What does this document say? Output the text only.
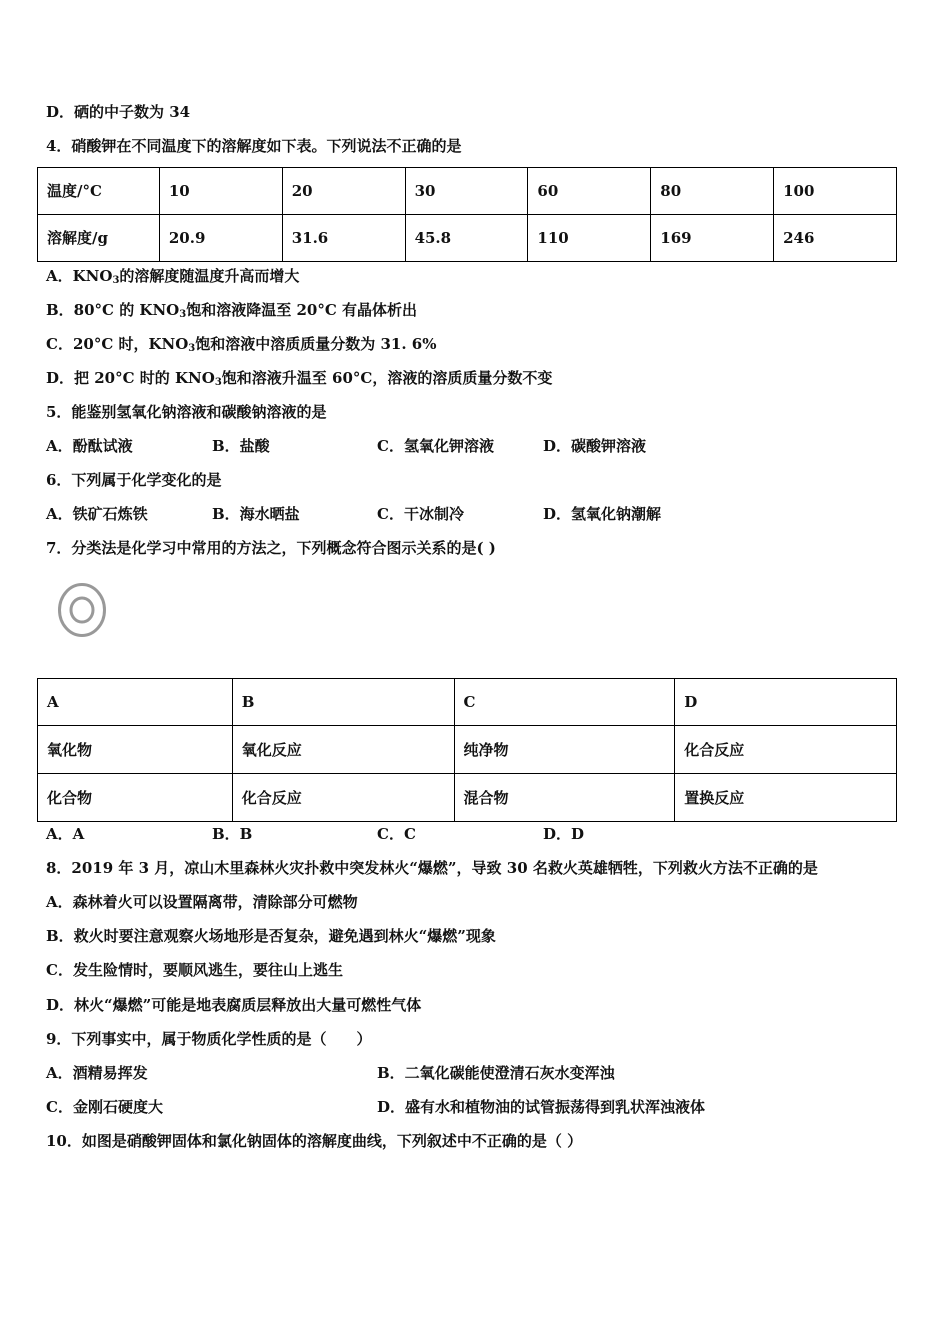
D．硒的中子数为 34
4．硝酸钾在不同温度下的溶解度如下表。下列说法不正确的是
温度/°C	10	20	30	60	80	100
溶解度/g	20.9	31.6	45.8	110	169	246
A．$KNO_3$的溶解度随温度升高而增大
B．80°C 的 $KNO_3$饱和溶液降温至 20°C 有晶体析出
C．20°C 时，$KNO_3$饱和溶液中溶质质量分数为 31. 6%
D．把 20°C 时的 $KNO_3$饱和溶液升温至 60°C，溶液的溶质质量分数不变
5．能鉴别氢氧化钠溶液和碳酸钠溶液的是
A．酚酞试液	B．盐酸	C．氢氧化钾溶液	D．碳酸钾溶液
6．下列属于化学变化的是
A．铁矿石炼铁	B．海水晒盐	C．干冰制冷	D．氢氧化钠潮解
7．分类法是化学习中常用的方法之，下列概念符合图示关系的是( )
A	B	C	D
氧化物	氧化反应	纯净物	化合反应
化合物	化合反应	混合物	置换反应
A．A	B．B	C．C	D．D
8．2019 年 3 月，凉山木里森林火灾扑救中突发林火“爆燃”，导致 30 名救火英雄牺牲，下列救火方法不正确的是
A．森林着火可以设置隔离带，清除部分可燃物
B．救火时要注意观察火场地形是否复杂，避免遇到林火“爆燃”现象
C．发生险情时，要顺风逃生，要往山上逃生
D．林火“爆燃”可能是地表腐质层释放出大量可燃性气体
9．下列事实中，属于物质化学性质的是（　　）
A．酒精易挥发	B．二氧化碳能使澄清石灰水变浑浊
C．金刚石硬度大	D．盛有水和植物油的试管振荡得到乳状浑浊液体
10．如图是硝酸钾固体和氯化钠固体的溶解度曲线，下列叙述中不正确的是（ ）
